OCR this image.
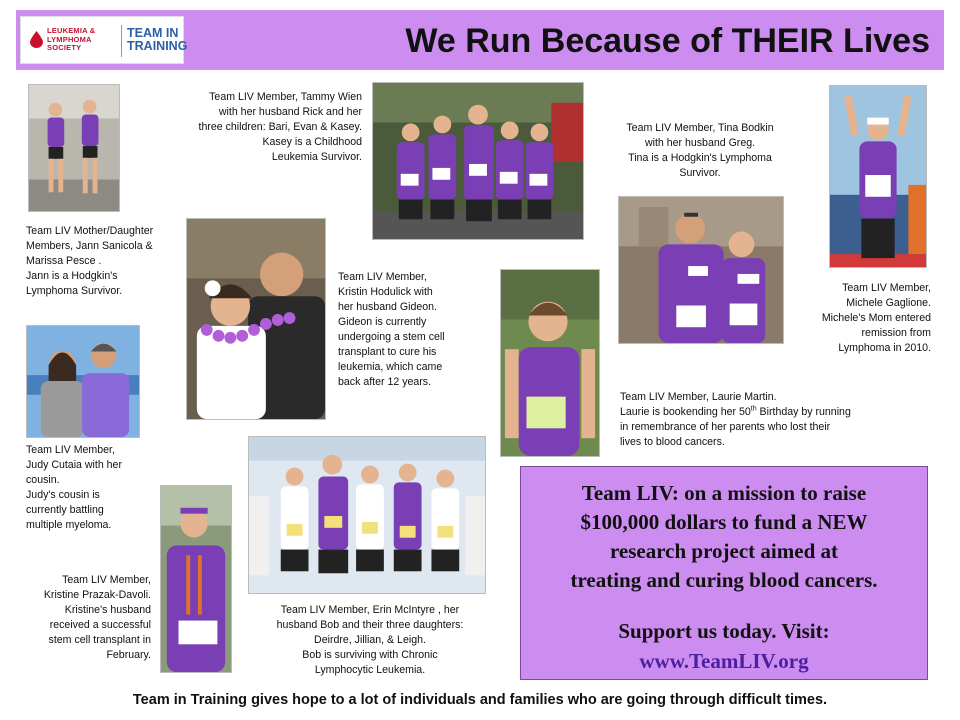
LEUKEMIA &
LYMPHOMA
SOCIETY
TEAM IN
TRAINING	We Run Because of THEIR Lives
Team LIV Member, Tammy Wien
with her husband Rick and her
three children: Bari, Evan & Kasey.
Kasey is a Childhood
Leukemia Survivor.
Team LIV Member, Tina Bodkin
with her husband Greg.
Tina is a Hodgkin's Lymphoma
Survivor.
Team LIV Mother/Daughter
Members, Jann Sanicola &
Marissa Pesce .
Jann is a Hodgkin's
Lymphoma Survivor.
Team LIV Member,
Kristin Hodulick with
her husband Gideon.
Gideon is currently
undergoing a stem cell
transplant to cure his
leukemia, which came
back after 12 years.
Team LIV Member,
Michele Gaglione.
Michele's Mom entered
remission from
Lymphoma in 2010.
Team LIV Member, Laurie Martin.
Laurie is bookending her 50th Birthday by running
in remembrance of her parents who lost their
lives to blood cancers.
Team LIV Member,
Judy Cutaia with her
cousin.
Judy's cousin is
currently battling
multiple myeloma.
Team LIV Member,
Kristine Prazak-Davoli.
Kristine's husband
received a successful
stem cell transplant in
February.
Team LIV Member, Erin McIntyre , her
husband Bob and their three daughters:
Deirdre, Jillian, & Leigh.
Bob is surviving with Chronic
Lymphocytic Leukemia.
Team LIV: on a mission to raise
$100,000 dollars to fund a NEW
research project aimed at
treating and curing blood cancers.
Support us today. Visit:
www.TeamLIV.org
Team in Training gives hope to a lot of individuals and families who are going through difficult times.
